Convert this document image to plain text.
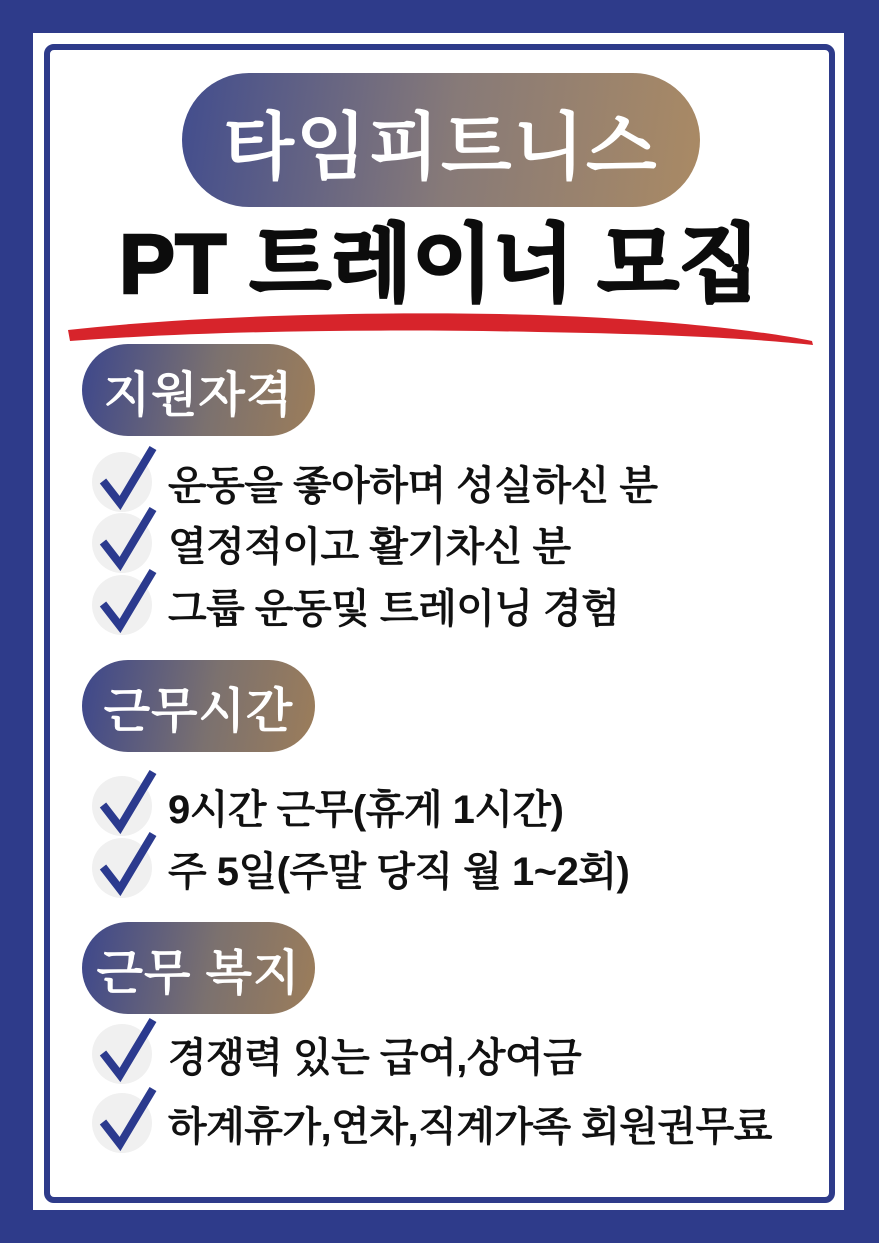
타임피트니스
PT 트레이너 모집
지원자격
운동을 좋아하며 성실하신 분
열정적이고 활기차신 분
그룹 운동및 트레이닝 경험
근무시간
9시간 근무(휴게 1시간)
주 5일(주말 당직 월 1~2회)
근무 복지
경쟁력 있는 급여,상여금
하계휴가,연차,직계가족 회원권무료
